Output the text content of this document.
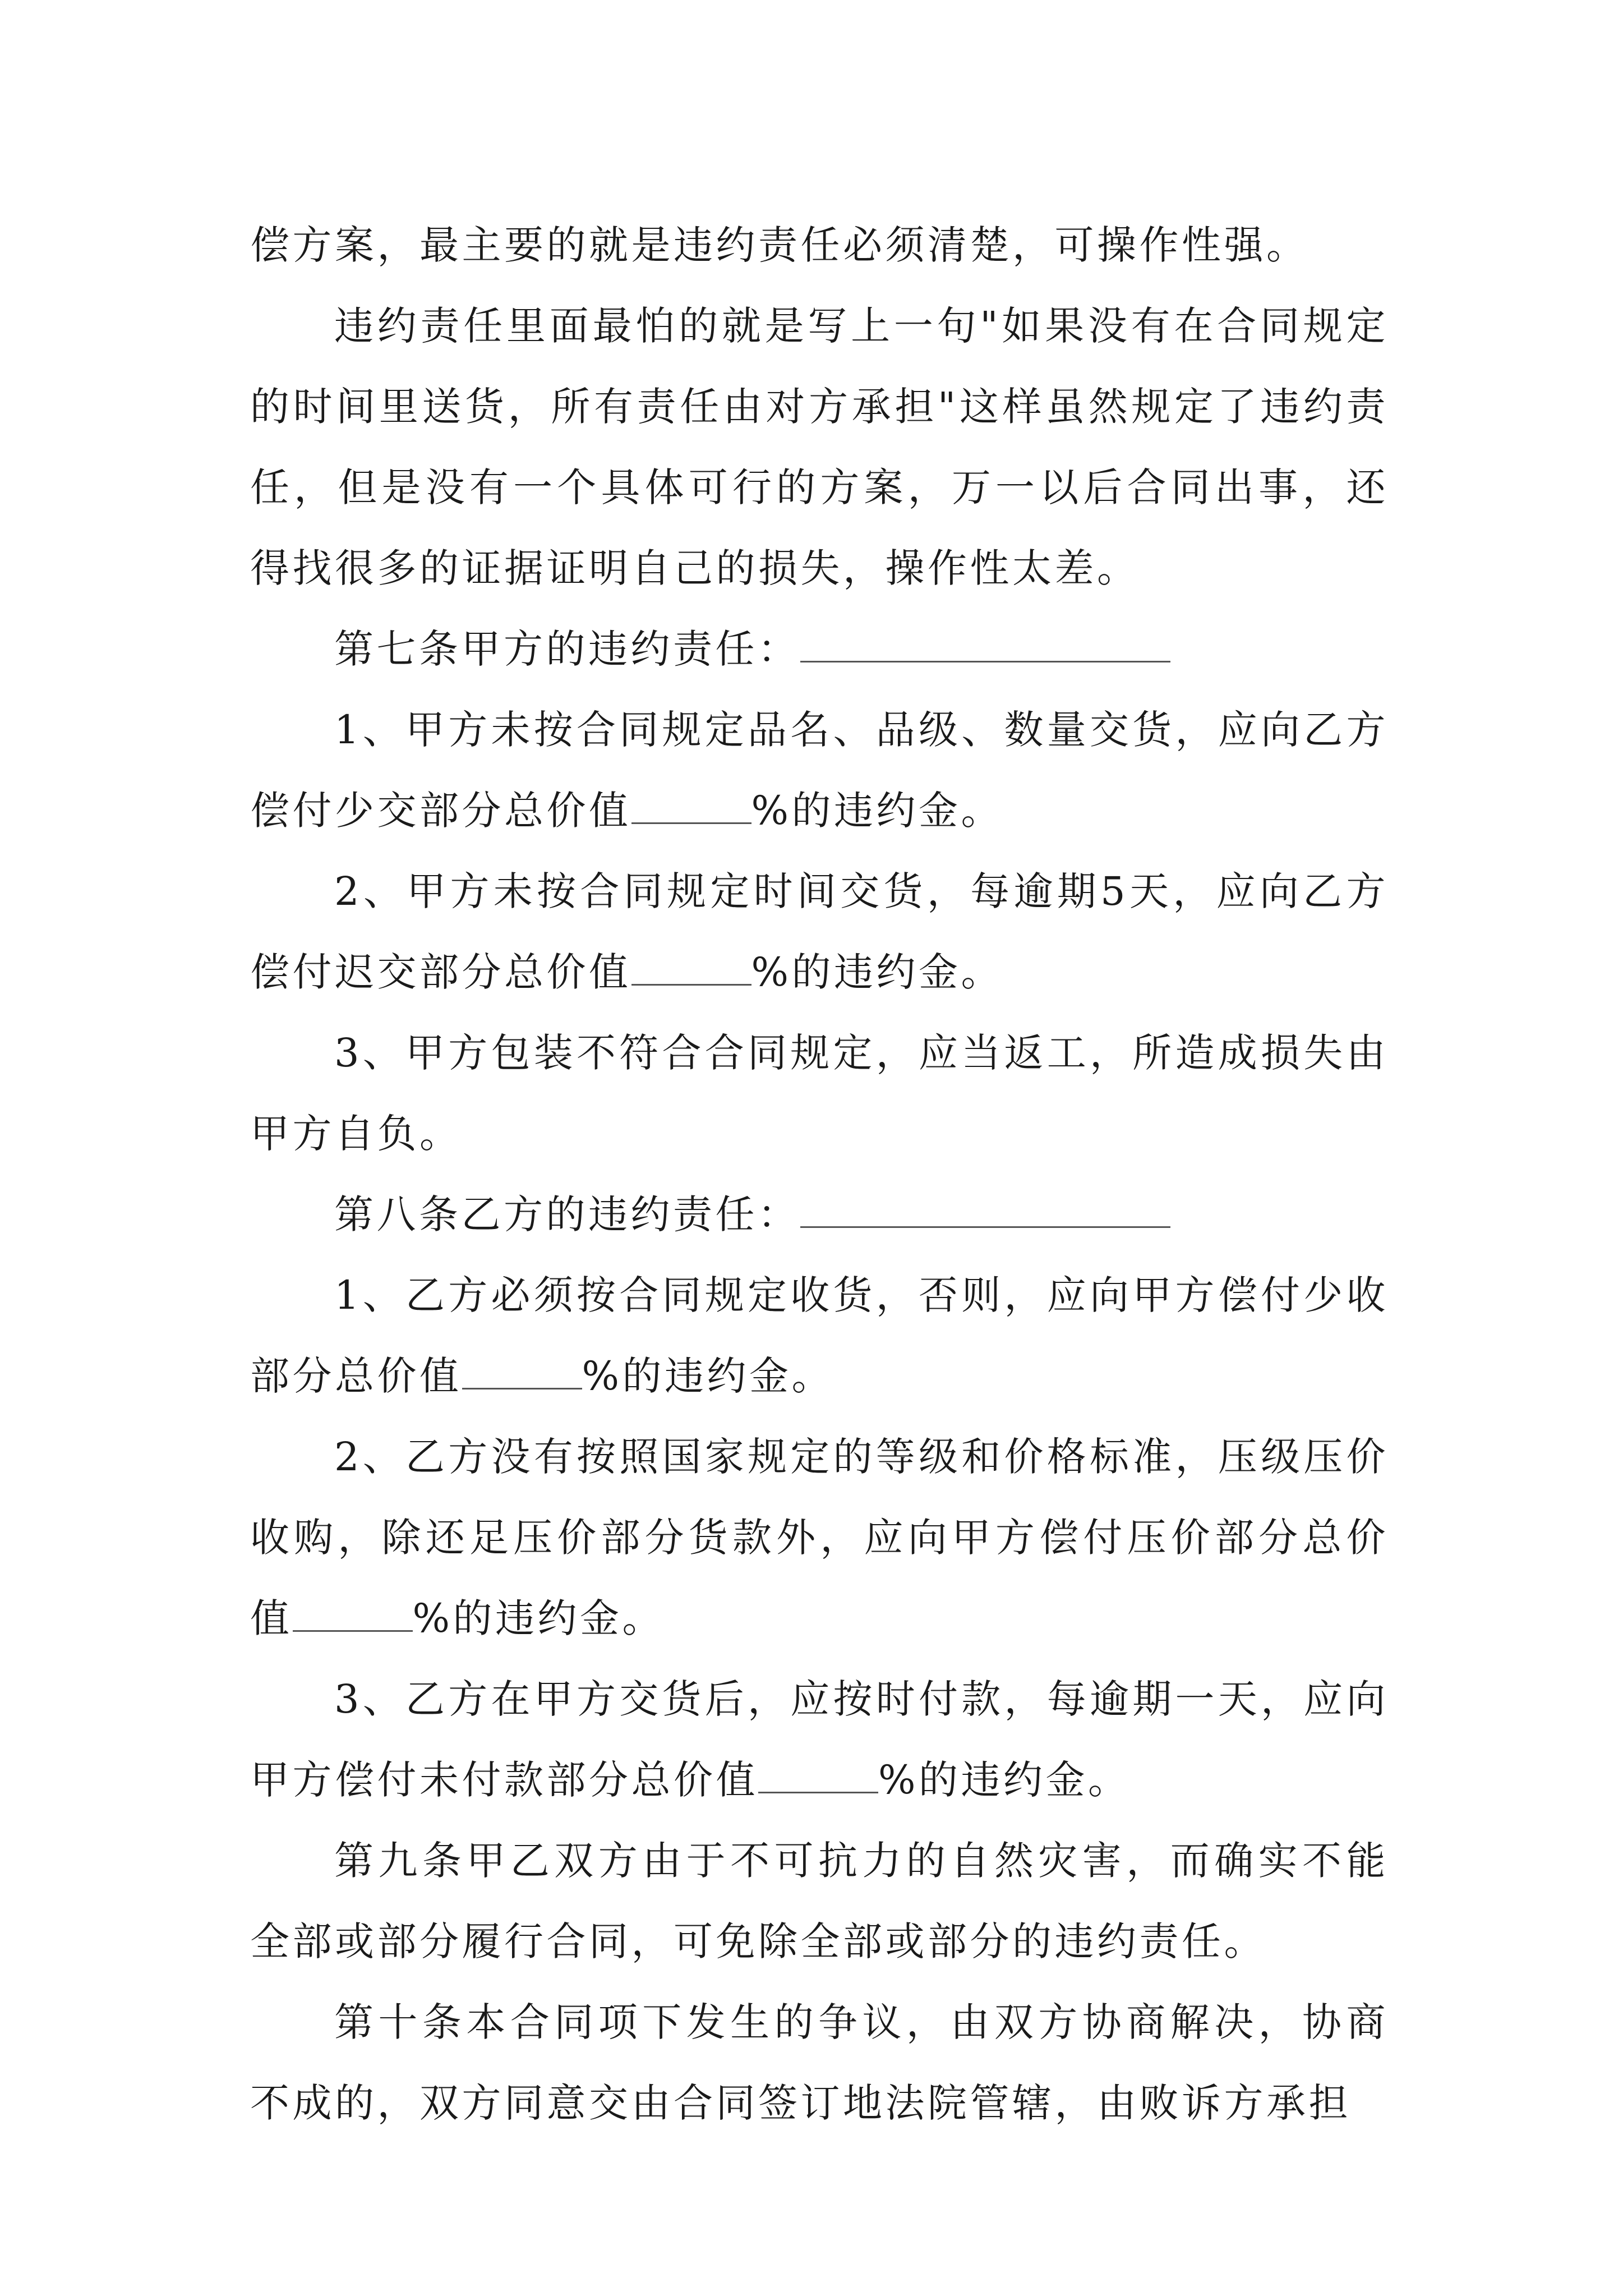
偿方案，最主要的就是违约责任必须清楚，可操作性强。

违约责任里面最怕的就是写上一句"如果没有在合同规定的时间里送货，所有责任由对方承担"这样虽然规定了违约责任，但是没有一个具体可行的方案，万一以后合同出事，还得找很多的证据证明自己的损失，操作性太差。

第七条甲方的违约责任：

1、甲方未按合同规定品名、品级、数量交货，应向乙方偿付少交部分总价值	%的违约金。

2、甲方未按合同规定时间交货，每逾期5天，应向乙方偿付迟交部分总价值	%的违约金。

3、甲方包装不符合合同规定，应当返工，所造成损失由甲方自负。

第八条乙方的违约责任：

1、乙方必须按合同规定收货，否则，应向甲方偿付少收部分总价值	%的违约金。

2、乙方没有按照国家规定的等级和价格标准，压级压价收购，除还足压价部分货款外，应向甲方偿付压价部分总价值	%的违约金。

3、乙方在甲方交货后，应按时付款，每逾期一天，应向甲方偿付未付款部分总价值	%的违约金。

第九条甲乙双方由于不可抗力的自然灾害，而确实不能全部或部分履行合同，可免除全部或部分的违约责任。

第十条本合同项下发生的争议，由双方协商解决，协商不成的，双方同意交由合同签订地法院管辖，由败诉方承担
